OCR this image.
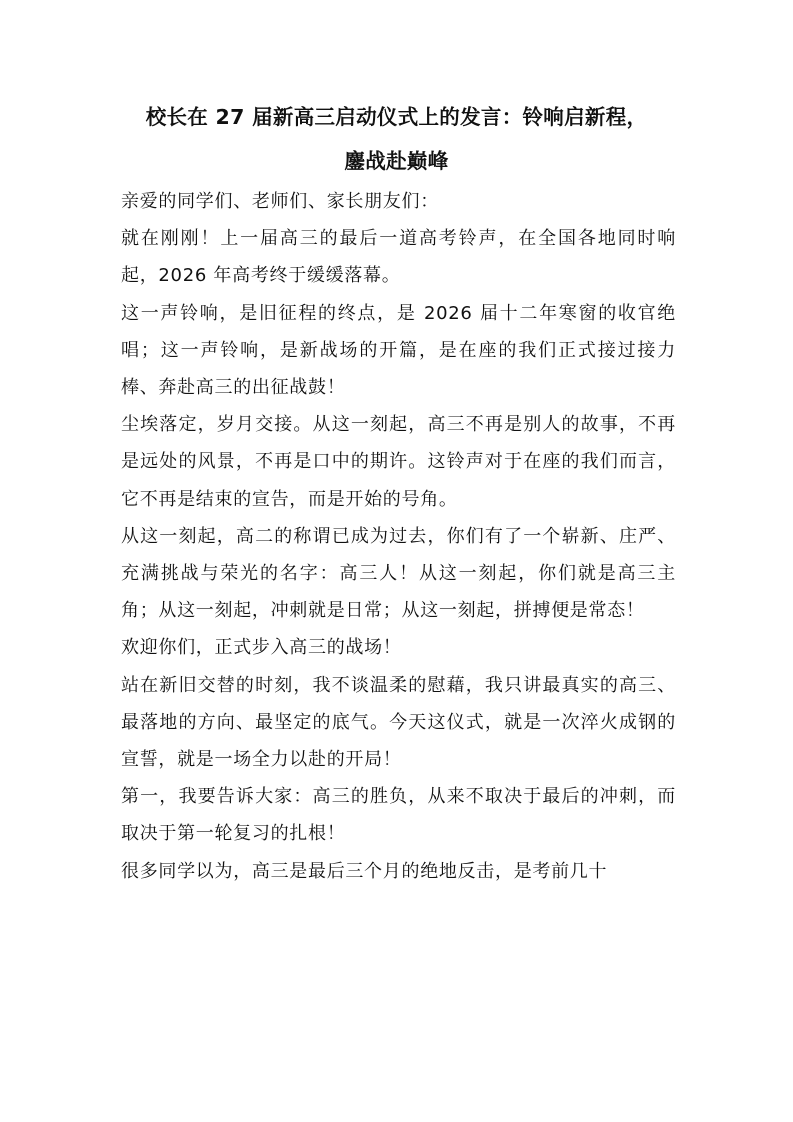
校长在 27 届新高三启动仪式上的发言：铃响启新程，
鏖战赴巅峰

亲爱的同学们、老师们、家长朋友们：

就在刚刚！上一届高三的最后一道高考铃声，在全国各地同时响起，2026 年高考终于缓缓落幕。

这一声铃响，是旧征程的终点，是 2026 届十二年寒窗的收官绝唱；这一声铃响，是新战场的开篇，是在座的我们正式接过接力棒、奔赴高三的出征战鼓！

尘埃落定，岁月交接。从这一刻起，高三不再是别人的故事，不再是远处的风景，不再是口中的期许。这铃声对于在座的我们而言，它不再是结束的宣告，而是开始的号角。

从这一刻起，高二的称谓已成为过去，你们有了一个崭新、庄严、充满挑战与荣光的名字：高三人！从这一刻起，你们就是高三主角；从这一刻起，冲刺就是日常；从这一刻起，拼搏便是常态！

欢迎你们，正式步入高三的战场！

站在新旧交替的时刻，我不谈温柔的慰藉，我只讲最真实的高三、最落地的方向、最坚定的底气。今天这仪式，就是一次淬火成钢的宣誓，就是一场全力以赴的开局！

第一，我要告诉大家：高三的胜负，从来不取决于最后的冲刺，而取决于第一轮复习的扎根！

很多同学以为，高三是最后三个月的绝地反击，是考前几十
